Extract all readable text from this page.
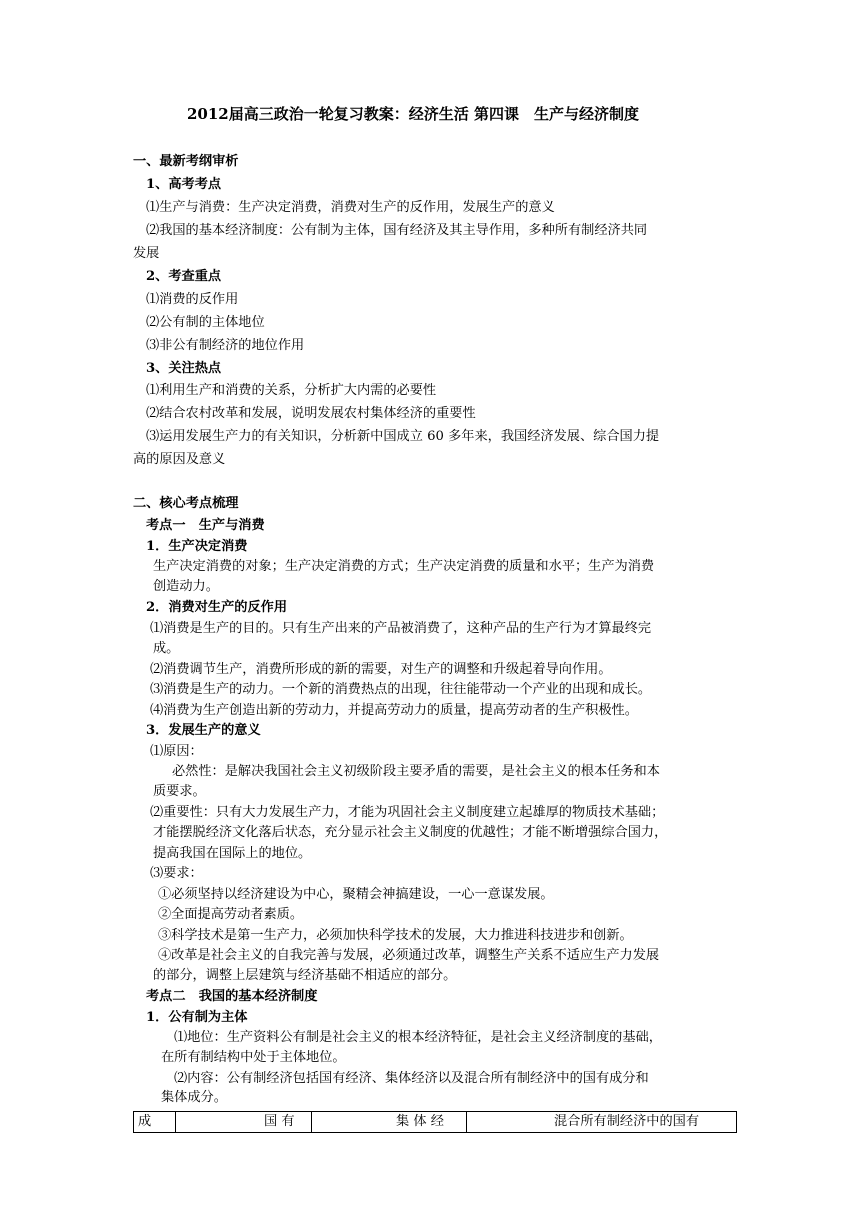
2012届高三政治一轮复习教案：经济生活 第四课　生产与经济制度
一、最新考纲审析
1、高考考点
⑴生产与消费：生产决定消费，消费对生产的反作用，发展生产的意义
⑵我国的基本经济制度：公有制为主体，国有经济及其主导作用，多种所有制经济共同
发展
2、考查重点
⑴消费的反作用
⑵公有制的主体地位
⑶非公有制经济的地位作用
3、关注热点
⑴利用生产和消费的关系，分析扩大内需的必要性
⑵结合农村改革和发展，说明发展农村集体经济的重要性
⑶运用发展生产力的有关知识，分析新中国成立 60 多年来，我国经济发展、综合国力提
高的原因及意义
二、核心考点梳理
考点一　生产与消费
1．生产决定消费
生产决定消费的对象；生产决定消费的方式；生产决定消费的质量和水平；生产为消费
创造动力。
2．消费对生产的反作用
⑴消费是生产的目的。只有生产出来的产品被消费了，这种产品的生产行为才算最终完
成。
⑵消费调节生产，消费所形成的新的需要，对生产的调整和升级起着导向作用。
⑶消费是生产的动力。一个新的消费热点的出现，往往能带动一个产业的出现和成长。
⑷消费为生产创造出新的劳动力，并提高劳动力的质量，提高劳动者的生产积极性。
3．发展生产的意义
⑴原因：
必然性：是解决我国社会主义初级阶段主要矛盾的需要，是社会主义的根本任务和本
质要求。
⑵重要性：只有大力发展生产力，才能为巩固社会主义制度建立起雄厚的物质技术基础；
才能摆脱经济文化落后状态，充分显示社会主义制度的优越性；才能不断增强综合国力，
提高我国在国际上的地位。
⑶要求：
①必须坚持以经济建设为中心，聚精会神搞建设，一心一意谋发展。
②全面提高劳动者素质。
③科学技术是第一生产力，必须加快科学技术的发展，大力推进科技进步和创新。
④改革是社会主义的自我完善与发展，必须通过改革，调整生产关系不适应生产力发展
的部分，调整上层建筑与经济基础不相适应的部分。
考点二　我国的基本经济制度
1．公有制为主体
⑴地位：生产资料公有制是社会主义的根本经济特征，是社会主义经济制度的基础，
在所有制结构中处于主体地位。
⑵内容：公有制经济包括国有经济、集体经济以及混合所有制经济中的国有成分和
集体成分。
成	国 有	集 体 经	混合所有制经济中的国有
